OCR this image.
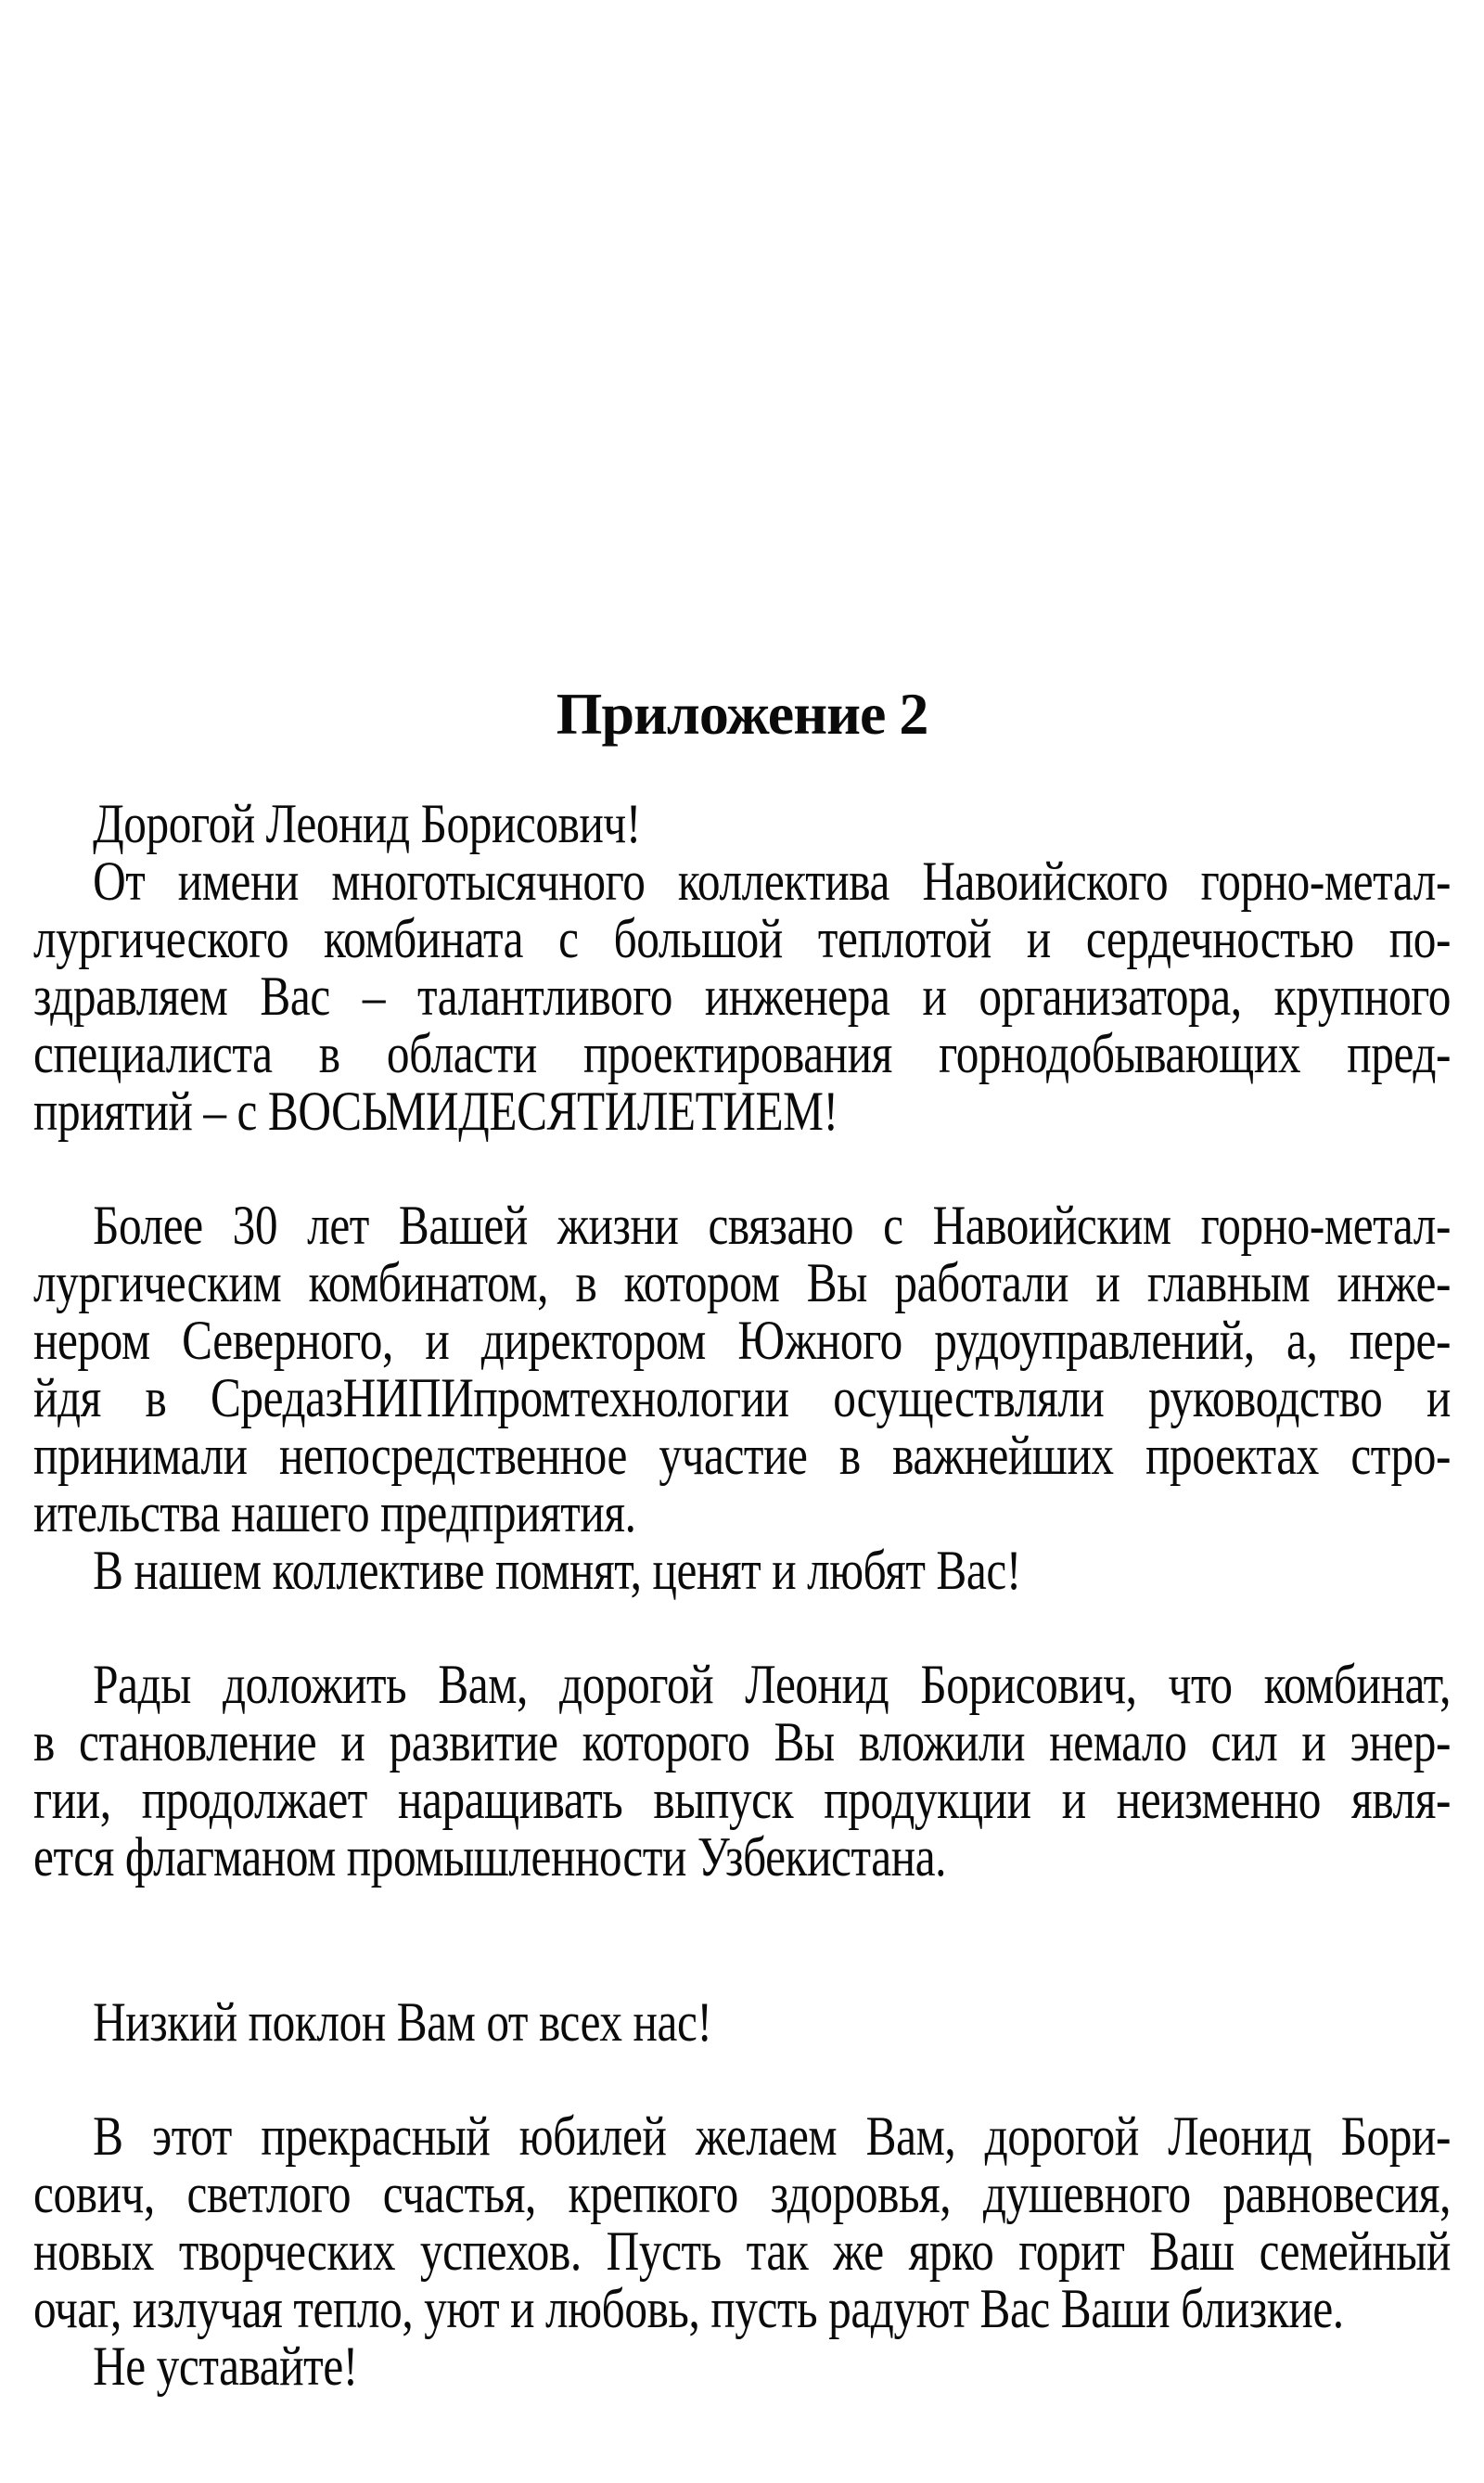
Приложение 2
Дорогой Леонид Борисович!
От имени многотысячного коллектива Навоийского горно-метал-
лургического комбината с большой теплотой и сердечностью по-
здравляем Вас – талантливого инженера и организатора, крупного
специалиста в области проектирования горнодобывающих пред-
приятий – с ВОСЬМИДЕСЯТИЛЕТИЕМ!
Более 30 лет Вашей жизни связано с Навоийским горно-метал-
лургическим комбинатом, в котором Вы работали и главным инже-
нером Северного, и директором Южного рудоуправлений, а, пере-
йдя в СредазНИПИпромтехнологии осуществляли руководство и
принимали непосредственное участие в важнейших проектах стро-
ительства нашего предприятия.
В нашем коллективе помнят, ценят и любят Вас!
Рады доложить Вам, дорогой Леонид Борисович, что комбинат,
в становление и развитие которого Вы вложили немало сил и энер-
гии, продолжает наращивать выпуск продукции и неизменно явля-
ется флагманом промышленности Узбекистана.
Низкий поклон Вам от всех нас!
В этот прекрасный юбилей желаем Вам, дорогой Леонид Бори-
сович, светлого счастья, крепкого здоровья, душевного равновесия,
новых творческих успехов. Пусть так же ярко горит Ваш семейный
очаг, излучая тепло, уют и любовь, пусть радуют Вас Ваши близкие.
Не уставайте!
